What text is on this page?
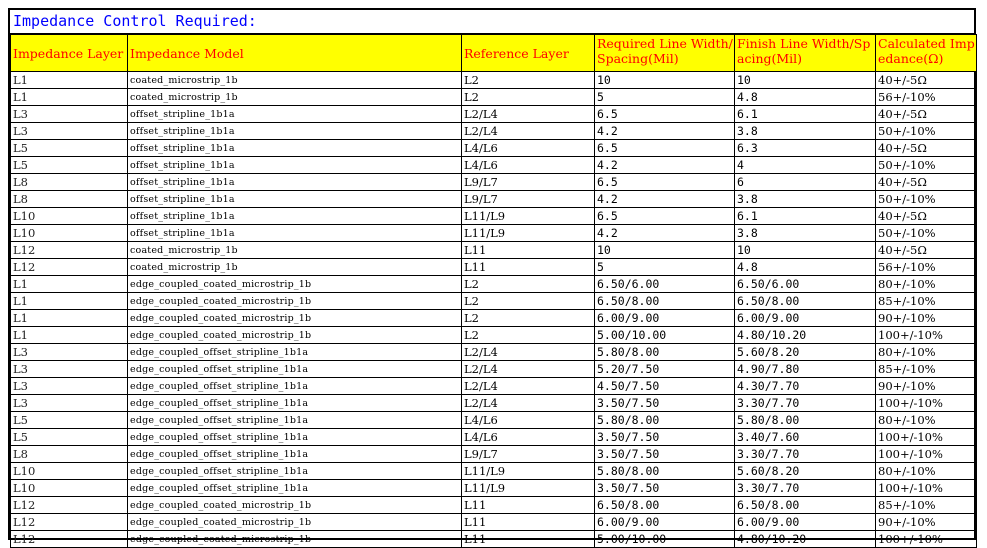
Impedance Control Required:
Impedance Layer	Impedance Model	Reference Layer	Required Line Width/Spacing(Mil)	Finish Line Width/Spacing(Mil)	Calculated Impedance(Ω)
L1	coated_microstrip_1b	L2	10	10	40+/-5Ω
L1	coated_microstrip_1b	L2	5	4.8	56+/-10%
L3	offset_stripline_1b1a	L2/L4	6.5	6.1	40+/-5Ω
L3	offset_stripline_1b1a	L2/L4	4.2	3.8	50+/-10%
L5	offset_stripline_1b1a	L4/L6	6.5	6.3	40+/-5Ω
L5	offset_stripline_1b1a	L4/L6	4.2	4	50+/-10%
L8	offset_stripline_1b1a	L9/L7	6.5	6	40+/-5Ω
L8	offset_stripline_1b1a	L9/L7	4.2	3.8	50+/-10%
L10	offset_stripline_1b1a	L11/L9	6.5	6.1	40+/-5Ω
L10	offset_stripline_1b1a	L11/L9	4.2	3.8	50+/-10%
L12	coated_microstrip_1b	L11	10	10	40+/-5Ω
L12	coated_microstrip_1b	L11	5	4.8	56+/-10%
L1	edge_coupled_coated_microstrip_1b	L2	6.50/6.00	6.50/6.00	80+/-10%
L1	edge_coupled_coated_microstrip_1b	L2	6.50/8.00	6.50/8.00	85+/-10%
L1	edge_coupled_coated_microstrip_1b	L2	6.00/9.00	6.00/9.00	90+/-10%
L1	edge_coupled_coated_microstrip_1b	L2	5.00/10.00	4.80/10.20	100+/-10%
L3	edge_coupled_offset_stripline_1b1a	L2/L4	5.80/8.00	5.60/8.20	80+/-10%
L3	edge_coupled_offset_stripline_1b1a	L2/L4	5.20/7.50	4.90/7.80	85+/-10%
L3	edge_coupled_offset_stripline_1b1a	L2/L4	4.50/7.50	4.30/7.70	90+/-10%
L3	edge_coupled_offset_stripline_1b1a	L2/L4	3.50/7.50	3.30/7.70	100+/-10%
L5	edge_coupled_offset_stripline_1b1a	L4/L6	5.80/8.00	5.80/8.00	80+/-10%
L5	edge_coupled_offset_stripline_1b1a	L4/L6	3.50/7.50	3.40/7.60	100+/-10%
L8	edge_coupled_offset_stripline_1b1a	L9/L7	3.50/7.50	3.30/7.70	100+/-10%
L10	edge_coupled_offset_stripline_1b1a	L11/L9	5.80/8.00	5.60/8.20	80+/-10%
L10	edge_coupled_offset_stripline_1b1a	L11/L9	3.50/7.50	3.30/7.70	100+/-10%
L12	edge_coupled_coated_microstrip_1b	L11	6.50/8.00	6.50/8.00	85+/-10%
L12	edge_coupled_coated_microstrip_1b	L11	6.00/9.00	6.00/9.00	90+/-10%
L12	edge_coupled_coated_microstrip_1b	L11	5.00/10.00	4.80/10.20	100+/-10%
